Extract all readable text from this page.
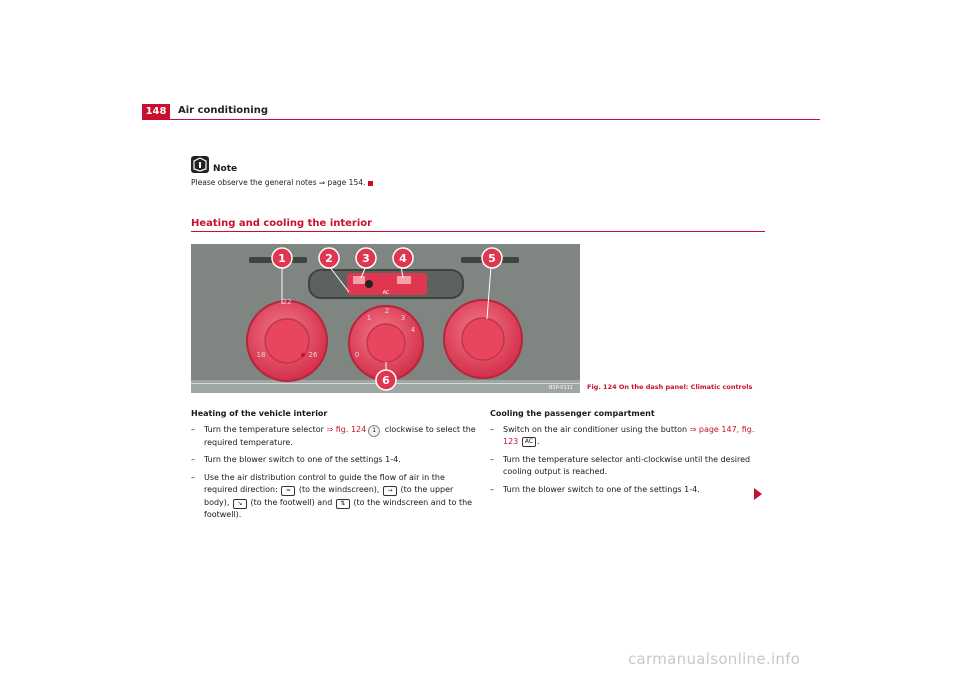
148	Air conditioning
Note
Please observe the general notes ⇒ page 154.
Heating and cooling the interior
AC
22
18	26	0
1
2
3
4
1	2	3	4	5
6
B5P-0111 Fig. 124 On the dash panel: Climatic controls
Heating of the vehicle interior
– Turn the temperature selector ⇒ fig. 124 1 clockwise to select the required temperature.
– Turn the blower switch to one of the settings 1-4.
– Use the air distribution control to guide the flow of air in the required direction: ≈ (to the windscreen), → (to the upper body), ↘ (to the footwell) and ⇅ (to the windscreen and to the footwell).
Cooling the passenger compartment
– Switch on the air conditioner using the button ⇒ page 147, fig. 123 AC .
– Turn the temperature selector anti-clockwise until the desired cooling output is reached.
– Turn the blower switch to one of the settings 1-4.
carmanualsonline.info
